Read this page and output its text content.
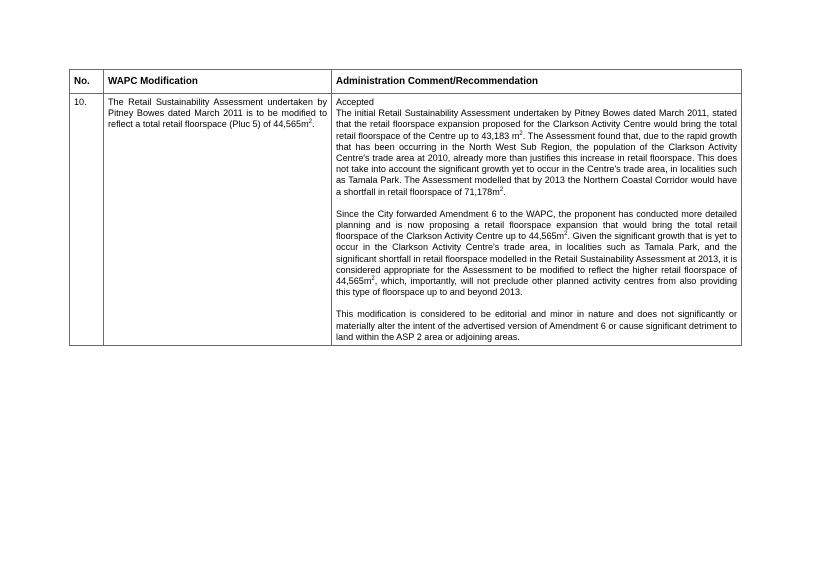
No.	WAPC Modification	Administration Comment/Recommendation
10.	The Retail Sustainability Assessment undertaken by Pitney Bowes dated March 2011 is to be modified to reflect a total retail floorspace (Pluc 5) of $44,565m^2$.	Accepted

The initial Retail Sustainability Assessment undertaken by Pitney Bowes dated March 2011, stated that the retail floorspace expansion proposed for the Clarkson Activity Centre would bring the total retail floorspace of the Centre up to 43,183 $m^2$. The Assessment found that, due to the rapid growth that has been occurring in the North West Sub Region, the population of the Clarkson Activity Centre's trade area at 2010, already more than justifies this increase in retail floorspace. This does not take into account the significant growth yet to occur in the Centre's trade area, in localities such as Tamala Park. The Assessment modelled that by 2013 the Northern Coastal Corridor would have a shortfall in retail floorspace of $71,178m^2$.

Since the City forwarded Amendment 6 to the WAPC, the proponent has conducted more detailed planning and is now proposing a retail floorspace expansion that would bring the total retail floorspace of the Clarkson Activity Centre up to $44,565m^2$. Given the significant growth that is yet to occur in the Clarkson Activity Centre's trade area, in localities such as Tamala Park, and the significant shortfall in retail floorspace modelled in the Retail Sustainability Assessment at 2013, it is considered appropriate for the Assessment to be modified to reflect the higher retail floorspace of $44,565m^2$, which, importantly, will not preclude other planned activity centres from also providing this type of floorspace up to and beyond 2013.

This modification is considered to be editorial and minor in nature and does not significantly or materially alter the intent of the advertised version of Amendment 6 or cause significant detriment to land within the ASP 2 area or adjoining areas.
